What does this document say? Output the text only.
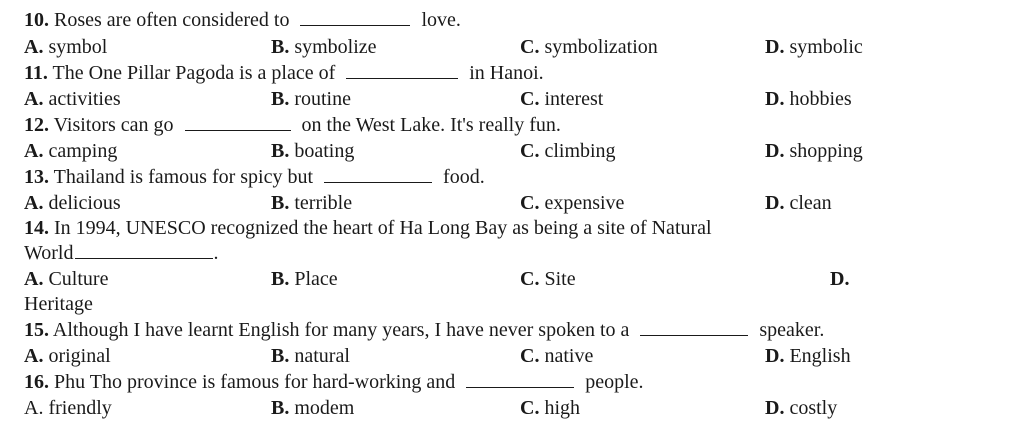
10. Roses are often considered to	love.
A. symbol	B. symbolize	C. symbolization	D. symbolic
11. The One Pillar Pagoda is a place of	in Hanoi.
A. activities	B. routine	C. interest	D. hobbies
12. Visitors can go	on the West Lake. It's really fun.
A. camping	B. boating	C. climbing	D. shopping
13. Thailand is famous for spicy but	food.
A. delicious	B. terrible	C. expensive	D. clean
14. In 1994, UNESCO recognized the heart of Ha Long Bay as being a site of Natural
World	.
A. Culture	B. Place	C. Site	D.
Heritage
15. Although I have learnt English for many years, I have never spoken to a	speaker.
A. original	B. natural	C. native	D. English
16. Phu Tho province is famous for hard-working and	people.
A. friendly	B. modem	C. high	D. costly
